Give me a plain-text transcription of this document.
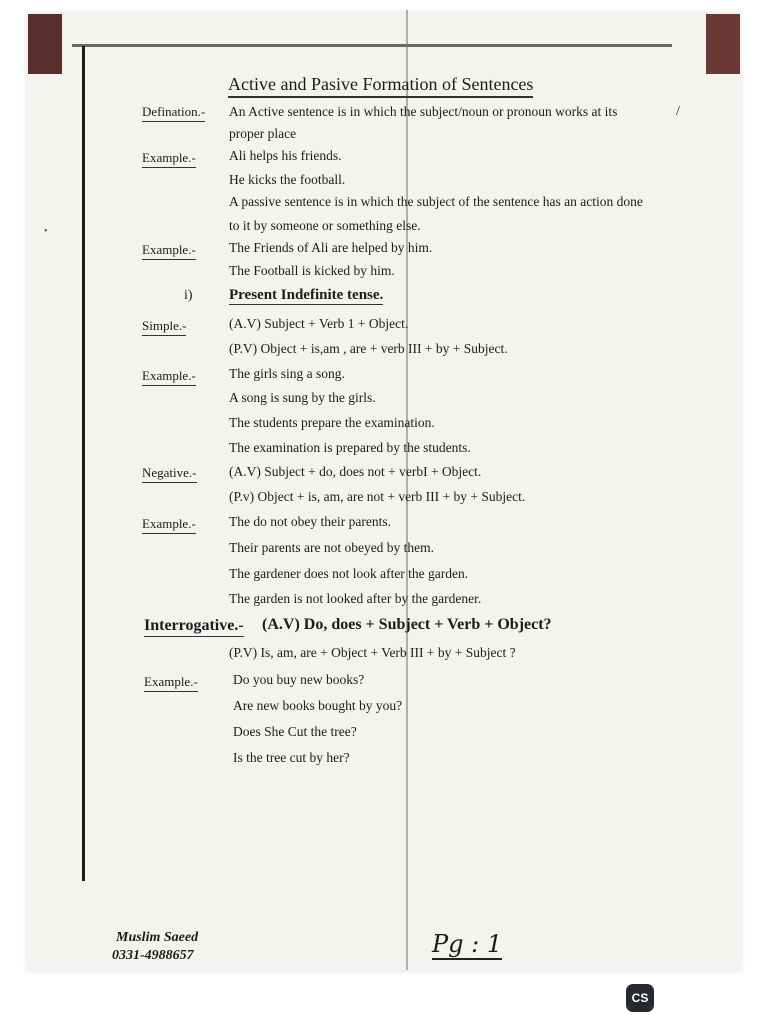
/
•
Active and Pasive Formation of Sentences
Defination.- An Active sentence is in which the subject/noun or pronoun works at its
proper place
Example.- Ali helps his friends.
He kicks the football.
A passive sentence is in which the subject of the sentence has an action done
to it by someone or something else.
Example.- The Friends of Ali are helped by him.
The Football is kicked by him.
i) Present Indefinite tense.
Simple.-	(A.V) Subject + Verb 1 + Object.
(P.V) Object + is,am , are + verb III + by + Subject.
Example.- The girls sing a song.
A song is sung by the girls.
The students prepare the examination.
The examination is prepared by the students.
Negative.- (A.V) Subject + do, does not + verbI + Object.
(P.v) Object + is, am, are not + verb III + by + Subject.
Example.- The do not obey their parents.
Their parents are not obeyed by them.
The gardener does not look after the garden.
The garden is not looked after by the gardener.
Interrogative.- (A.V) Do, does + Subject + Verb + Object?
(P.V) Is, am, are + Object + Verb III + by + Subject ?
Example.-	Do you buy new books?
Are new books bought by you?
Does She Cut the tree?
Is the tree cut by her?
Muslim Saeed
0331-4988657	Pg : 1
CS
